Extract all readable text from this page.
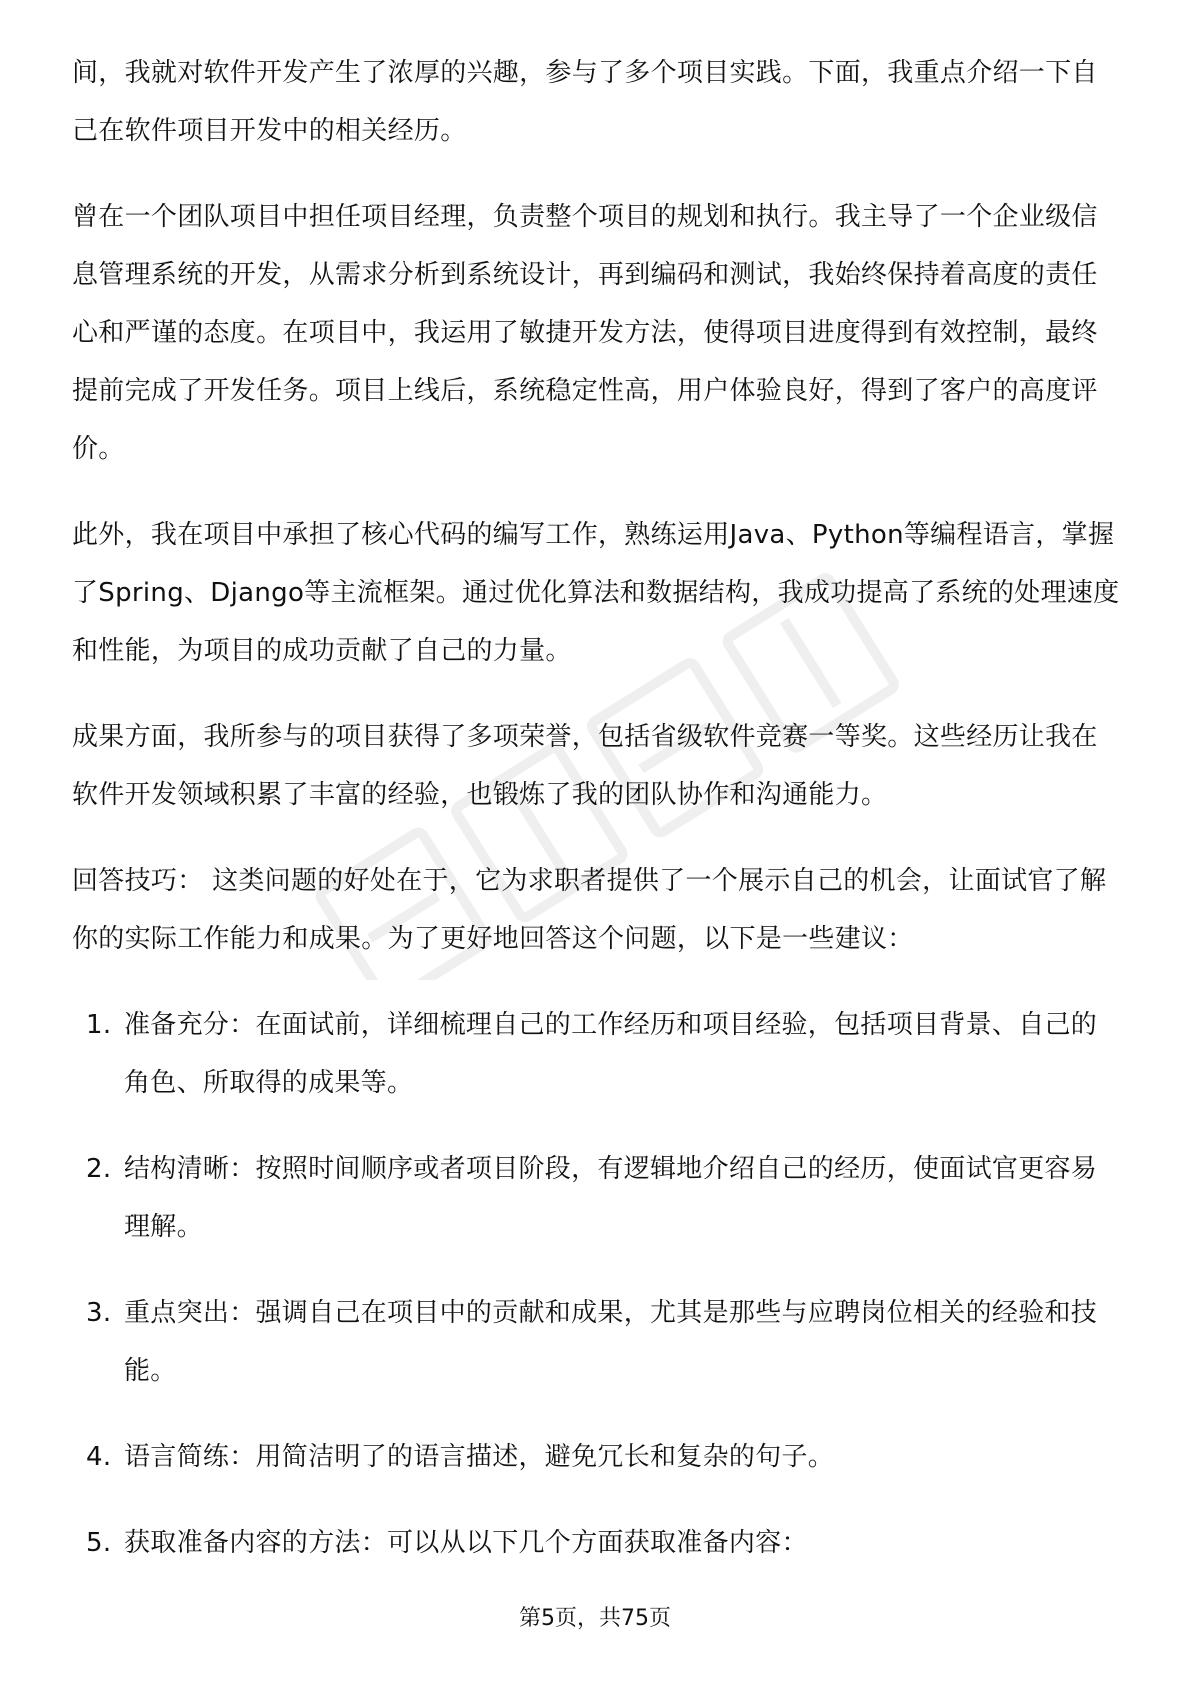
间，我就对软件开发产生了浓厚的兴趣，参与了多个项目实践。下面，我重点介绍一下自己在软件项目开发中的相关经历。

曾在一个团队项目中担任项目经理，负责整个项目的规划和执行。我主导了一个企业级信息管理系统的开发，从需求分析到系统设计，再到编码和测试，我始终保持着高度的责任心和严谨的态度。在项目中，我运用了敏捷开发方法，使得项目进度得到有效控制，最终提前完成了开发任务。项目上线后，系统稳定性高，用户体验良好，得到了客户的高度评价。

此外，我在项目中承担了核心代码的编写工作，熟练运用Java、Python等编程语言，掌握了Spring、Django等主流框架。通过优化算法和数据结构，我成功提高了系统的处理速度和性能，为项目的成功贡献了自己的力量。

成果方面，我所参与的项目获得了多项荣誉，包括省级软件竞赛一等奖。这些经历让我在软件开发领域积累了丰富的经验，也锻炼了我的团队协作和沟通能力。

回答技巧： 这类问题的好处在于，它为求职者提供了一个展示自己的机会，让面试官了解你的实际工作能力和成果。为了更好地回答这个问题，以下是一些建议：

1. 准备充分：在面试前，详细梳理自己的工作经历和项目经验，包括项目背景、自己的角色、所取得的成果等。
2. 结构清晰：按照时间顺序或者项目阶段，有逻辑地介绍自己的经历，使面试官更容易理解。
3. 重点突出：强调自己在项目中的贡献和成果，尤其是那些与应聘岗位相关的经验和技能。
4. 语言简练：用简洁明了的语言描述，避免冗长和复杂的句子。
5. 获取准备内容的方法：可以从以下几个方面获取准备内容：
第5页，共75页
